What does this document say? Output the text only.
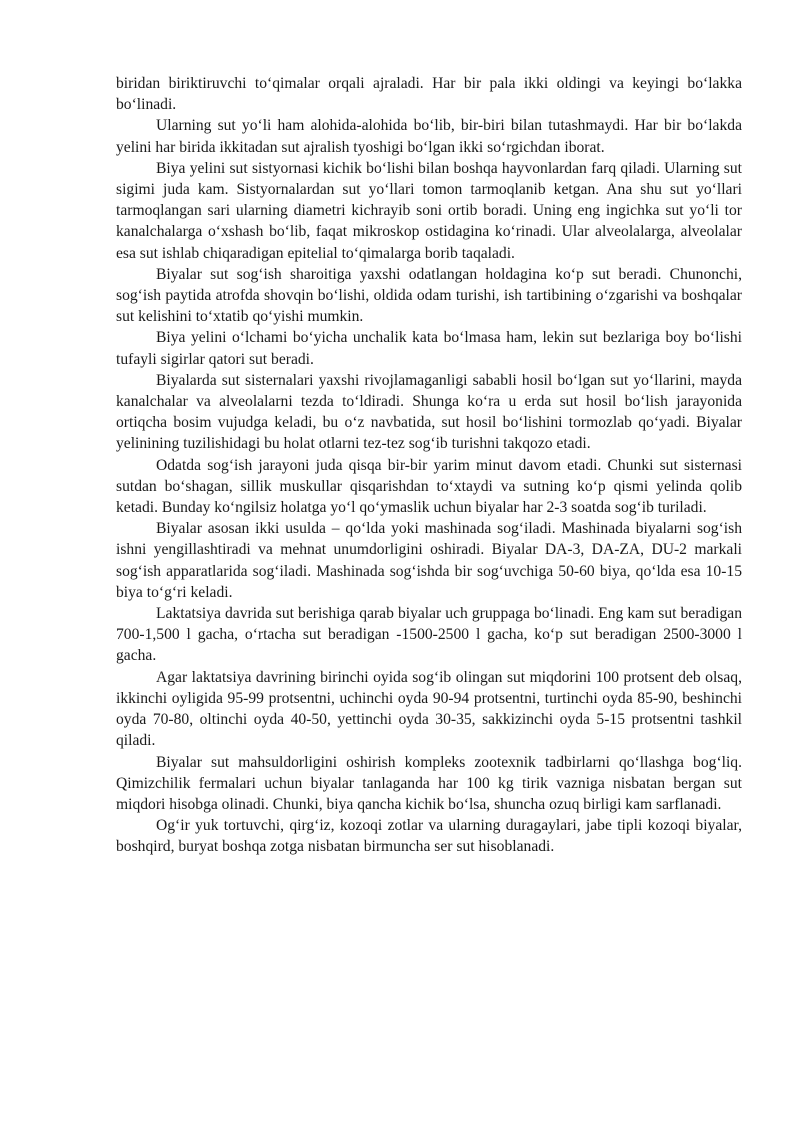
biridan biriktiruvchi to‘qimalar orqali ajraladi. Har bir pala ikki oldingi va keyingi bo‘lakka bo‘linadi.

Ularning sut yo‘li ham alohida-alohida bo‘lib, bir-biri bilan tutashmaydi. Har bir bo‘lakda yelini har birida ikkitadan sut ajralish tyoshigi bo‘lgan ikki so‘rgichdan iborat.

Biya yelini sut sistyornasi kichik bo‘lishi bilan boshqa hayvonlardan farq qiladi. Ularning sut sigimi juda kam. Sistyornalardan sut yo‘llari tomon tarmoqlanib ketgan. Ana shu sut yo‘llari tarmoqlangan sari ularning diametri kichrayib soni ortib boradi. Uning eng ingichka sut yo‘li tor kanalchalarga o‘xshash bo‘lib, faqat mikroskop ostidagina ko‘rinadi. Ular alveolalarga, alveolalar esa sut ishlab chiqaradigan epitelial to‘qimalarga borib taqaladi.

Biyalar sut sog‘ish sharoitiga yaxshi odatlangan holdagina ko‘p sut beradi. Chunonchi, sog‘ish paytida atrofda shovqin bo‘lishi, oldida odam turishi, ish tartibining o‘zgarishi va boshqalar sut kelishini to‘xtatib qo‘yishi mumkin.

Biya yelini o‘lchami bo‘yicha unchalik kata bo‘lmasa ham, lekin sut bezlariga boy bo‘lishi tufayli sigirlar qatori sut beradi.

Biyalarda sut sisternalari yaxshi rivojlamaganligi sababli hosil bo‘lgan sut yo‘llarini, mayda kanalchalar va alveolalarni tezda to‘ldiradi. Shunga ko‘ra u erda sut hosil bo‘lish jarayonida ortiqcha bosim vujudga keladi, bu o‘z navbatida, sut hosil bo‘lishini tormozlab qo‘yadi. Biyalar yelinining tuzilishidagi bu holat otlarni tez-tez sog‘ib turishni takqozo etadi.

Odatda sog‘ish jarayoni juda qisqa bir-bir yarim minut davom etadi. Chunki sut sisternasi sutdan bo‘shagan, sillik muskullar qisqarishdan to‘xtaydi va sutning ko‘p qismi yelinda qolib ketadi. Bunday ko‘ngilsiz holatga yo‘l qo‘ymaslik uchun biyalar har 2-3 soatda sog‘ib turiladi.

Biyalar asosan ikki usulda – qo‘lda yoki mashinada sog‘iladi. Mashinada biyalarni sog‘ish ishni yengillashtiradi va mehnat unumdorligini oshiradi. Biyalar DA-3, DA-ZA, DU-2 markali sog‘ish apparatlarida sog‘iladi. Mashinada sog‘ishda bir sog‘uvchiga 50-60 biya, qo‘lda esa 10-15 biya to‘g‘ri keladi.

Laktatsiya davrida sut berishiga qarab biyalar uch gruppaga bo‘linadi. Eng kam sut beradigan 700-1,500 l gacha, o‘rtacha sut beradigan -1500-2500 l gacha, ko‘p sut beradigan 2500-3000 l gacha.

Agar laktatsiya davrining birinchi oyida sog‘ib olingan sut miqdorini 100 protsent deb olsaq, ikkinchi oyligida 95-99 protsentni, uchinchi oyda 90-94 protsentni, turtinchi oyda 85-90, beshinchi oyda 70-80, oltinchi oyda 40-50, yettinchi oyda 30-35, sakkizinchi oyda 5-15 protsentni tashkil qiladi.

Biyalar sut mahsuldorligini oshirish kompleks zootexnik tadbirlarni qo‘llashga bog‘liq. Qimizchilik fermalari uchun biyalar tanlaganda har 100 kg tirik vazniga nisbatan bergan sut miqdori hisobga olinadi. Chunki, biya qancha kichik bo‘lsa, shuncha ozuq birligi kam sarflanadi.

Og‘ir yuk tortuvchi, qirg‘iz, kozoqi zotlar va ularning duragaylari, jabe tipli kozoqi biyalar, boshqird, buryat boshqa zotga nisbatan birmuncha ser sut hisoblanadi.
